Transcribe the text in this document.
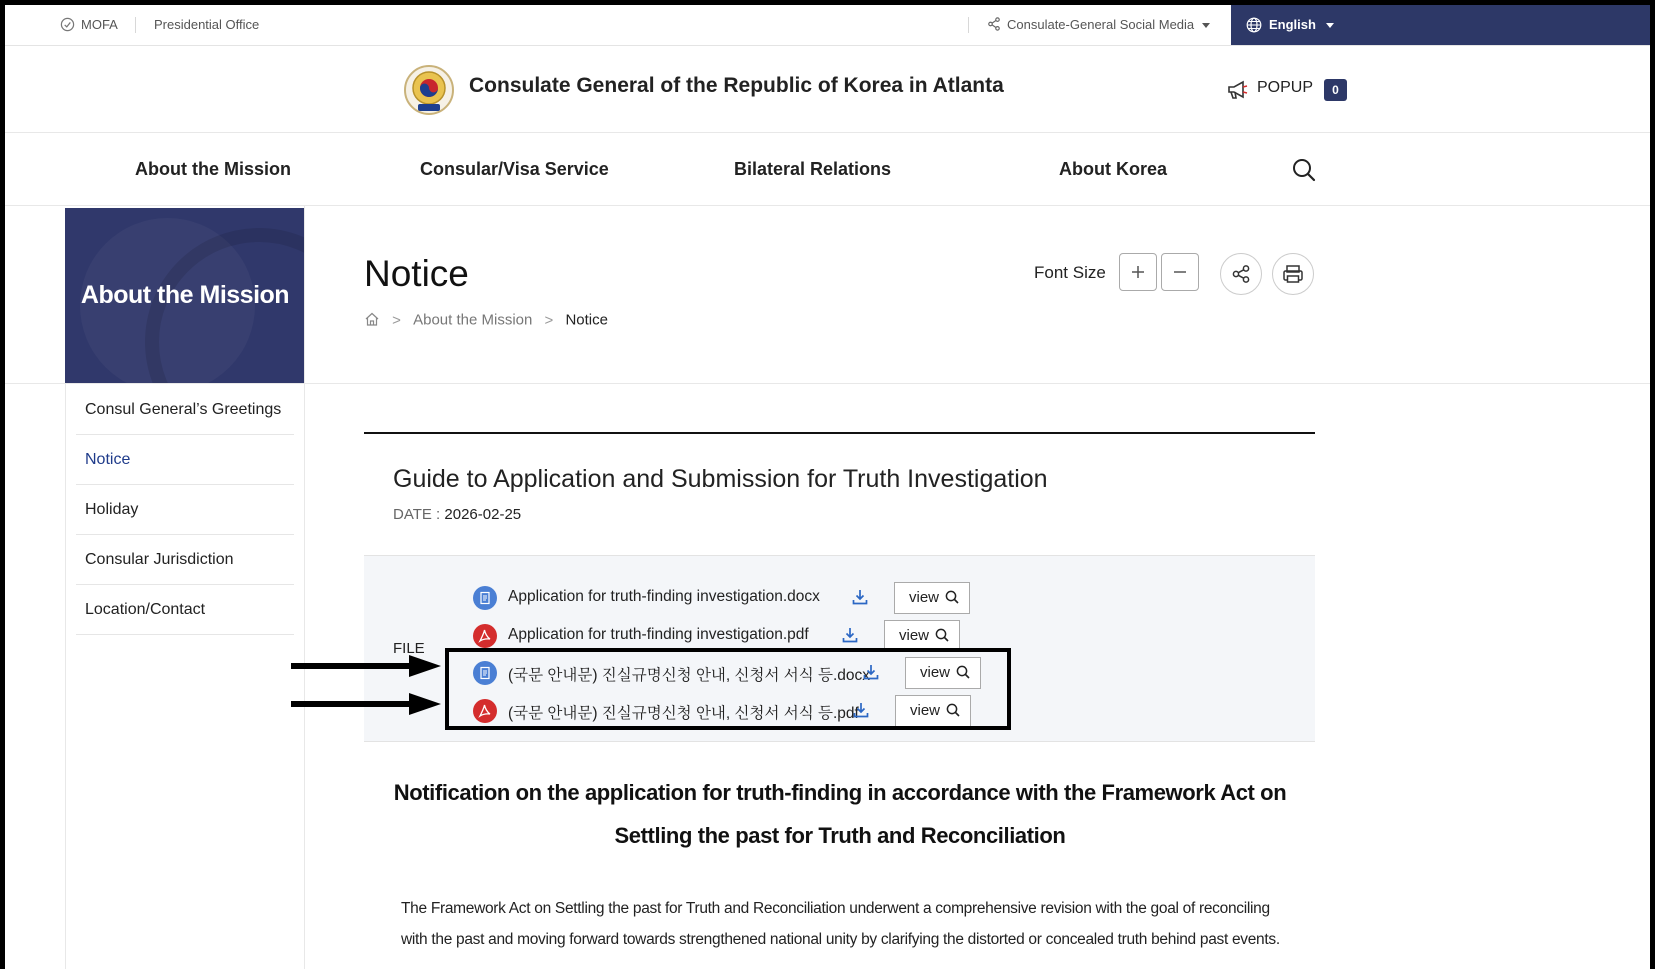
MOFA	Presidential Office	Consulate-General Social Media	English
Consulate General of the Republic of Korea in Atlanta	POPUP	0
About the Mission	Consular/Visa Service	Bilateral Relations	About Korea
About the Mission
Consul General’s Greetings
Notice
Holiday
Consular Jurisdiction
Location/Contact
Notice
> About the Mission > Notice
Font Size
Guide to Application and Submission for Truth Investigation
DATE : 2026-02-25
FILE
Application for truth-finding investigation.docx	view
Application for truth-finding investigation.pdf	view
(국문 안내문) 진실규명신청 안내, 신청서 서식 등.docx	view
(국문 안내문) 진실규명신청 안내, 신청서 서식 등.pdf	view
Notification on the application for truth-finding in accordance with the Framework Act on Settling the past for Truth and Reconciliation
The Framework Act on Settling the past for Truth and Reconciliation underwent a comprehensive revision with the goal of reconciling with the past and moving forward towards strengthened national unity by clarifying the distorted or concealed truth behind past events.
